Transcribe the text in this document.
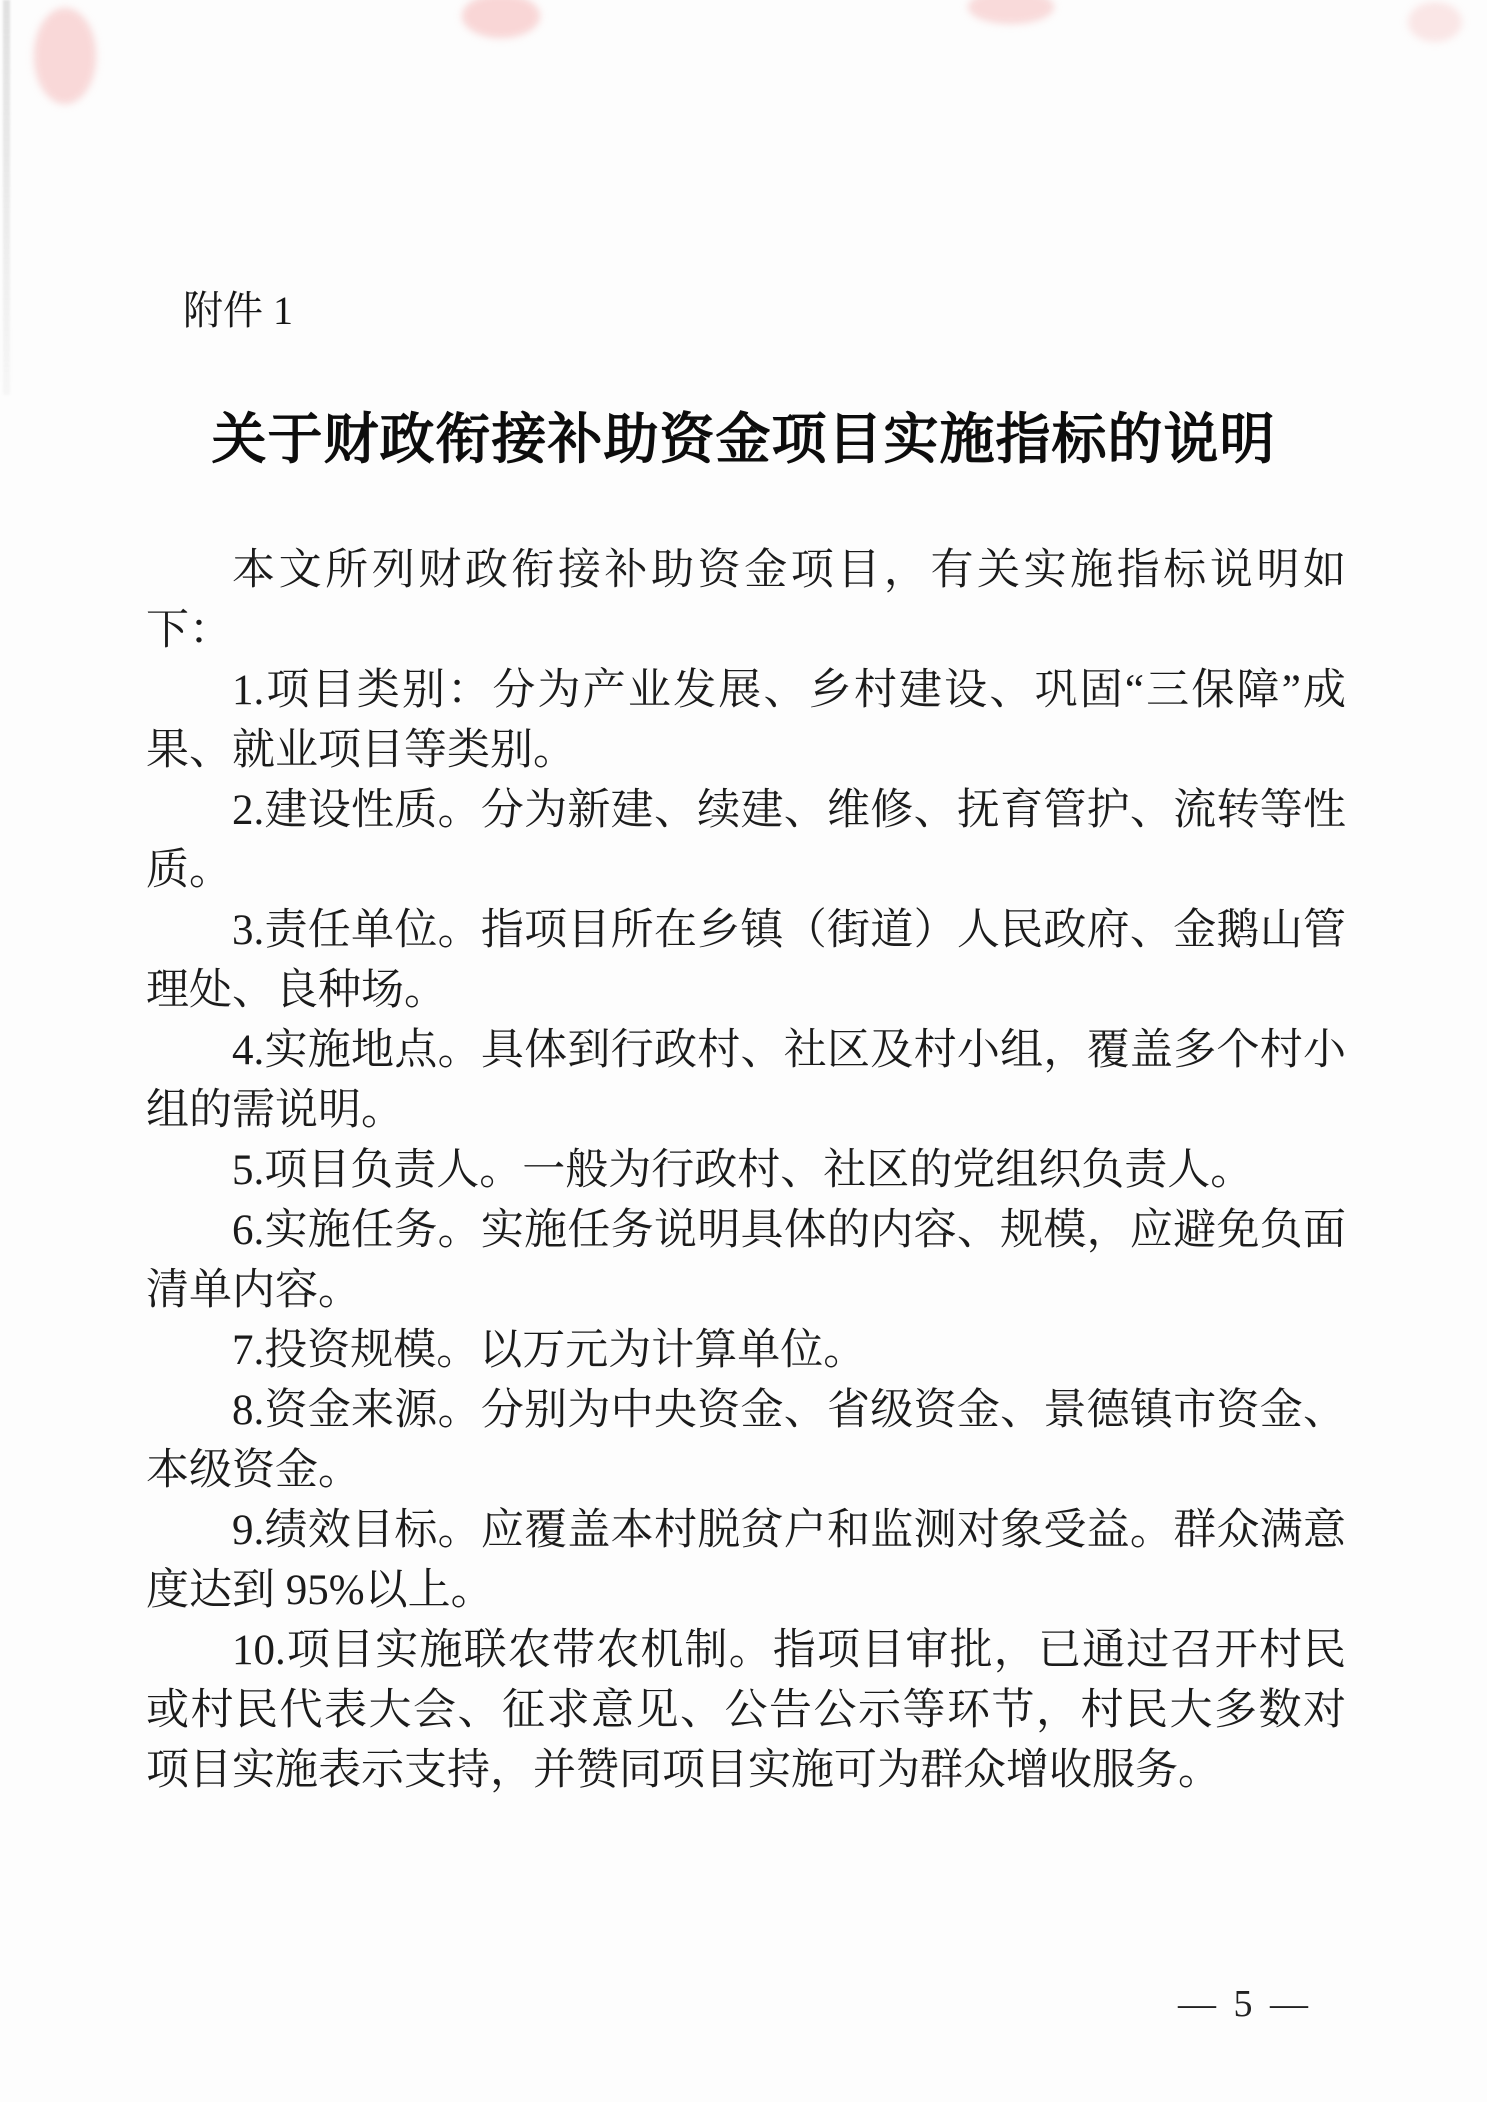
附件 1
关于财政衔接补助资金项目实施指标的说明

本文所列财政衔接补助资金项目，有关实施指标说明如下：

1.项目类别：分为产业发展、乡村建设、巩固“三保障”成果、就业项目等类别。

2.建设性质。分为新建、续建、维修、抚育管护、流转等性质。

3.责任单位。指项目所在乡镇（街道）人民政府、金鹅山管理处、良种场。

4.实施地点。具体到行政村、社区及村小组，覆盖多个村小组的需说明。

5.项目负责人。一般为行政村、社区的党组织负责人。

6.实施任务。实施任务说明具体的内容、规模，应避免负面清单内容。

7.投资规模。以万元为计算单位。

8.资金来源。分别为中央资金、省级资金、景德镇市资金、本级资金。

9.绩效目标。应覆盖本村脱贫户和监测对象受益。群众满意度达到 95%以上。

10.项目实施联农带农机制。指项目审批，已通过召开村民或村民代表大会、征求意见、公告公示等环节，村民大多数对项目实施表示支持，并赞同项目实施可为群众增收服务。

— 5 —
